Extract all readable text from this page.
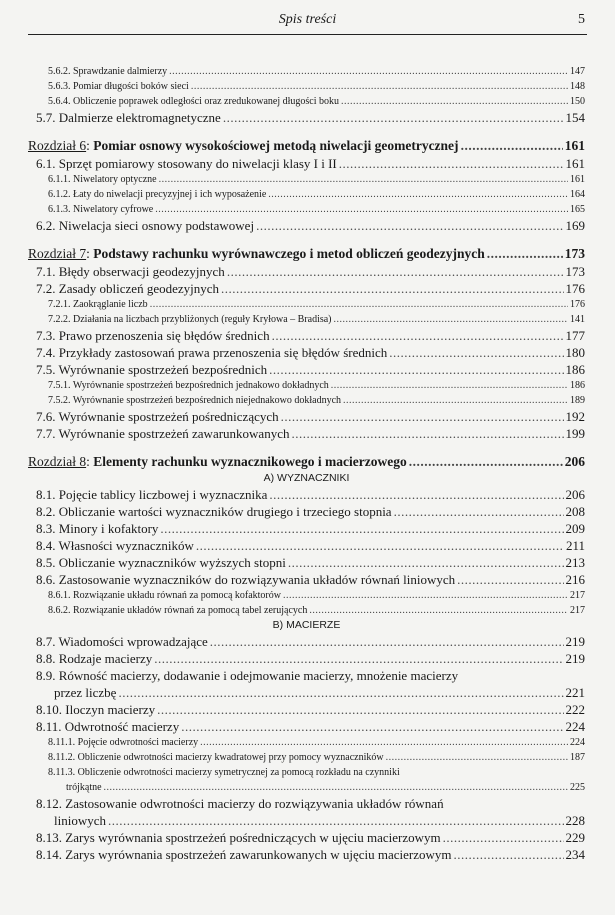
Spis treści	5
5.6.2. Sprawdzanie dalmierzy .....	147
5.6.3. Pomiar długości boków sieci .....	148
5.6.4. Obliczenie poprawek odległości oraz zredukowanej długości boku .....	150
5.7. Dalmierze elektromagnetyczne .....	154
Rozdział 6: Pomiar osnowy wysokościowej metodą niwelacji geometrycznej .....	161
6.1. Sprzęt pomiarowy stosowany do niwelacji klasy I i II .....	161
6.1.1. Niwelatory optyczne .....	161
6.1.2. Łaty do niwelacji precyzyjnej i ich wyposażenie .....	164
6.1.3. Niwelatory cyfrowe .....	165
6.2. Niwelacja sieci osnowy podstawowej .....	169
Rozdział 7: Podstawy rachunku wyrównawczego i metod obliczeń geodezyjnych .....	173
7.1. Błędy obserwacji geodezyjnych .....	173
7.2. Zasady obliczeń geodezyjnych .....	176
7.2.1. Zaokrąglanie liczb .....	176
7.2.2. Działania na liczbach przybliżonych (reguły Kryłowa – Bradisa) .....	141
7.3. Prawo przenoszenia się błędów średnich .....	177
7.4. Przykłady zastosowań prawa przenoszenia się błędów średnich .....	180
7.5. Wyrównanie spostrzeżeń bezpośrednich .....	186
7.5.1. Wyrównanie spostrzeżeń bezpośrednich jednakowo dokładnych .....	186
7.5.2. Wyrównanie spostrzeżeń bezpośrednich niejednakowo dokładnych .....	189
7.6. Wyrównanie spostrzeżeń pośredniczących .....	192
7.7. Wyrównanie spostrzeżeń zawarunkowanych .....	199
Rozdział 8: Elementy rachunku wyznacznikowego i macierzowego .....	206
A) WYZNACZNIKI
8.1. Pojęcie tablicy liczbowej i wyznacznika .....	206
8.2. Obliczanie wartości wyznaczników drugiego i trzeciego stopnia .....	208
8.3. Minory i kofaktory .....	209
8.4. Własności wyznaczników .....	211
8.5. Obliczanie wyznaczników wyższych stopni .....	213
8.6. Zastosowanie wyznaczników do rozwiązywania układów równań liniowych .....	216
8.6.1. Rozwiązanie układu równań za pomocą kofaktorów .....	217
8.6.2. Rozwiązanie układów równań za pomocą tabel zerujących .....	217
B) MACIERZE
8.7. Wiadomości wprowadzające .....	219
8.8. Rodzaje macierzy .....	219
8.9. Równość macierzy, dodawanie i odejmowanie macierzy, mnożenie macierzy
przez liczbę .....	221
8.10. Iloczyn macierzy .....	222
8.11. Odwrotność macierzy .....	224
8.11.1. Pojęcie odwrotności macierzy .....	224
8.11.2. Obliczenie odwrotności macierzy kwadratowej przy pomocy wyznaczników .....	187
8.11.3. Obliczenie odwrotności macierzy symetrycznej za pomocą rozkładu na czynniki
trójkątne .....	225
8.12. Zastosowanie odwrotności macierzy do rozwiązywania układów równań
liniowych .....	228
8.13. Zarys wyrównania spostrzeżeń pośredniczących w ujęciu macierzowym .....	229
8.14. Zarys wyrównania spostrzeżeń zawarunkowanych w ujęciu macierzowym .....	234
